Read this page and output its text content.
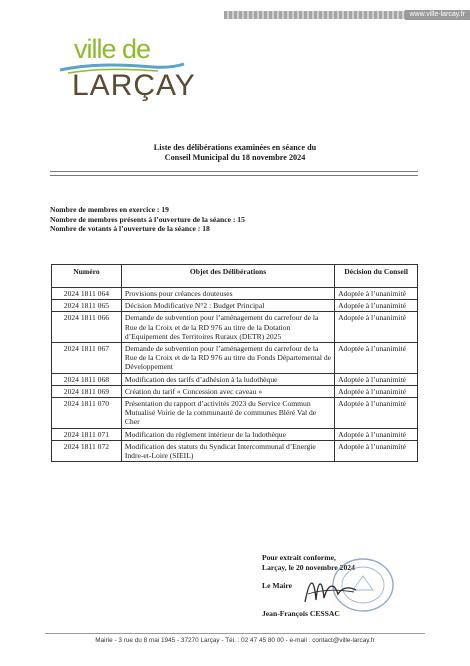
www.ville-larcay.fr
ville de
LARÇAY
Liste des délibérations examinées en séance du
Conseil Municipal du 18 novembre 2024
Nombre de membres en exercice : 19
Nombre de membres présents à l’ouverture de la séance : 15
Nombre de votants à l’ouverture de la séance : 18
Numéro	Objet des Délibérations	Décision du Conseil
2024 1811 064	Provisions pour créances douteuses	Adoptée à l’unanimité
2024 1811 065	Décision Modificative N°2 : Budget Principal	Adoptée à l’unanimité
2024 1811 066	Demande de subvention pour l’aménagement du carrefour de la Rue de la Croix et de la RD 976 au titre de la Dotation d’Equipement des Territoires Ruraux (DETR) 2025	Adoptée à l’unanimité
2024 1811 067	Demande de subvention pour l’aménagement du carrefour de la Rue de la Croix et de la RD 976 au titre du Fonds Départemental de Développement	Adoptée à l’unanimité
2024 1811 068	Modification des tarifs d’adhésion à la ludothèque	Adoptée à l’unanimité
2024 1811 069	Création du tarif « Concession avec caveau »	Adoptée à l’unanimité
2024 1811 070	Présentation du rapport d’activités 2023 du Service Commun Mutualisé Voirie de la communauté de communes Bléré Val de Cher	Adoptée à l’unanimité
2024 1811 071	Modification du règlement intérieur de la ludothèque	Adoptée à l’unanimité
2024 1811 072	Modification des statuts du Syndicat Intercommunal d’Energie Indre-et-Loire (SIEIL)	Adoptée à l’unanimité
Pour extrait conforme,
Larçay, le 20 novembre 2024
Le Maire
Jean-François CESSAC
Mairie - 3 rue du 8 mai 1945 - 37270 Larçay - Tél. : 02 47 45 80 00 - e-mail : contact@ville-larcay.fr
